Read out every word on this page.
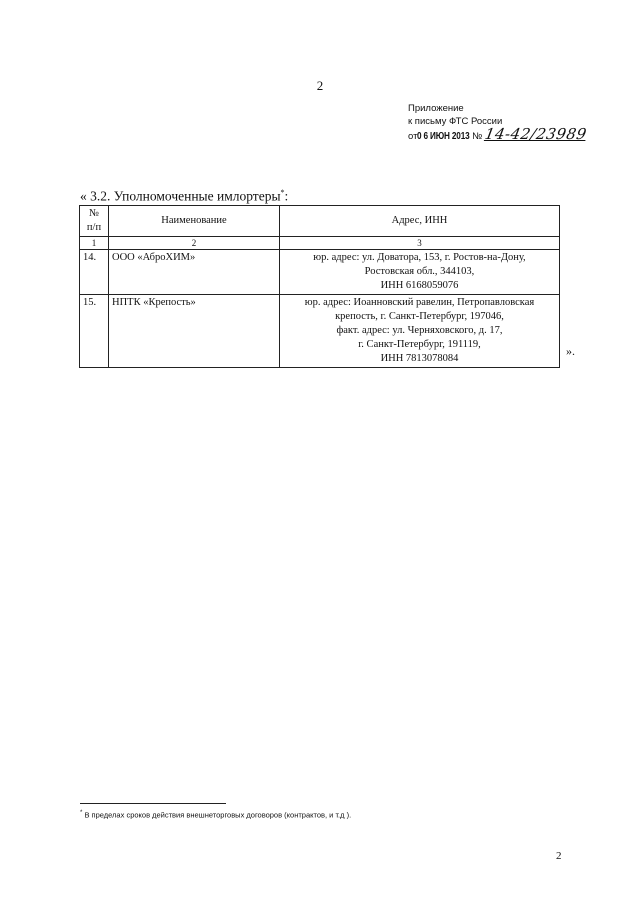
2
Приложение
к письму ФТС России
от0 6 ИЮН 2013 № 14-42/23989
« 3.2. Уполномоченные имлортеры*:
№
п/п	Наименование	Адрес, ИНН
1	2	3
14.	ООО «АброХИМ»	юр. адрес: ул. Доватора, 153, г. Ростов-на-Дону,
Ростовская обл., 344103,
ИНН 6168059076

15.	НПТК «Крепость»	юр. адрес: Иоанновский равелин, Петропавловская
крепость, г. Санкт-Петербург, 197046,
факт. адрес: ул. Черняховского, д. 17,
г. Санкт-Петербург, 191119,
ИНН 7813078084
».
* В пределах сроков действия внешнеторговых договоров (контрактов, и т.д ).
2
